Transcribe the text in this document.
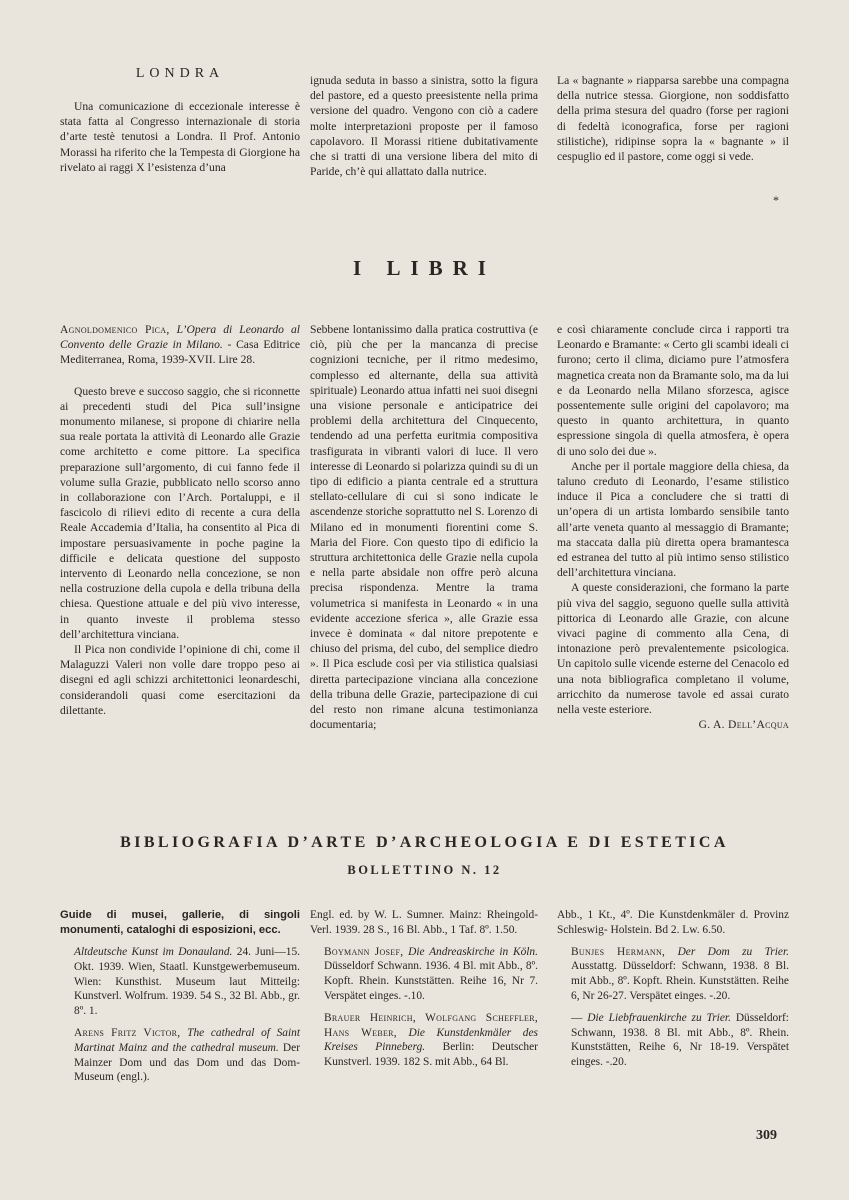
LONDRA

Una comunicazione di eccezionale interesse è stata fatta al Congresso internazionale di storia d’arte testè tenutosi a Londra. Il Prof. Antonio Morassi ha riferito che la Tempesta di Giorgione ha rivelato ai raggi X l’esistenza d’una

ignuda seduta in basso a sinistra, sotto la figura del pastore, ed a questo preesistente nella prima versione del quadro. Vengono con ciò a cadere molte interpretazioni proposte per il famoso capolavoro. Il Morassi ritiene dubitativamente che si tratti di una versione libera del mito di Paride, ch’è qui allattato dalla nutrice.

La « bagnante » riapparsa sarebbe una compagna della nutrice stessa. Giorgione, non soddisfatto della prima stesura del quadro (forse per ragioni di fedeltà iconografica, forse per ragioni stilistiche), ridipinse sopra la « bagnante » il cespuglio ed il pastore, come oggi si vede.

*
I LIBRI

Agnoldomenico Pica, L’Opera di Leonardo al Convento delle Grazie in Milano. - Casa Editrice Mediterranea, Roma, 1939-XVII. Lire 28.

Questo breve e succoso saggio, che si riconnette ai precedenti studi del Pica sull’insigne monumento milanese, si propone di chiarire nella sua reale portata la attività di Leonardo alle Grazie come architetto e come pittore. La specifica preparazione sull’argomento, di cui fanno fede il volume sulla Grazie, pubblicato nello scorso anno in collaborazione con l’Arch. Portaluppi, e il fascicolo di rilievi edito di recente a cura della Reale Accademia d’Italia, ha consentito al Pica di impostare persuasivamente in poche pagine la difficile e delicata questione del supposto intervento di Leonardo nella concezione, se non nella costruzione della cupola e della tribuna della chiesa. Questione attuale e del più vivo interesse, in quanto investe il problema stesso dell’architettura vinciana.

Il Pica non condivide l’opinione di chi, come il Malaguzzi Valeri non volle dare troppo peso ai disegni ed agli schizzi architettonici leonardeschi, considerandoli quasi come esercitazioni da dilettante.

Sebbene lontanissimo dalla pratica costruttiva (e ciò, più che per la mancanza di precise cognizioni tecniche, per il ritmo medesimo, complesso ed alternante, della sua attività spirituale) Leonardo attua infatti nei suoi disegni una visione personale e anticipatrice dei problemi della architettura del Cinquecento, tendendo ad una perfetta euritmia compositiva trasfigurata in vibranti valori di luce. Il vero interesse di Leonardo si polarizza quindi su di un tipo di edificio a pianta centrale ed a struttura stellato-cellulare di cui si sono indicate le ascendenze storiche soprattutto nel S. Lorenzo di Milano ed in monumenti fiorentini come S. Maria del Fiore. Con questo tipo di edificio la struttura architettonica delle Grazie nella cupola e nella parte absidale non offre però alcuna precisa rispondenza. Mentre la trama volumetrica si manifesta in Leonardo « in una evidente accezione sferica », alle Grazie essa invece è dominata « dal nitore prepotente e chiuso del prisma, del cubo, del semplice diedro ». Il Pica esclude così per via stilistica qualsiasi diretta partecipazione vinciana alla concezione della tribuna delle Grazie, partecipazione di cui del resto non rimane alcuna testimonianza documentaria;

e così chiaramente conclude circa i rapporti tra Leonardo e Bramante: « Certo gli scambi ideali ci furono; certo il clima, diciamo pure l’atmosfera magnetica creata non da Bramante solo, ma da lui e da Leonardo nella Milano sforzesca, agisce possentemente sulle origini del capolavoro; ma questo in quanto architettura, in quanto espressione singola di quella atmosfera, è opera di uno solo dei due ».

Anche per il portale maggiore della chiesa, da taluno creduto di Leonardo, l’esame stilistico induce il Pica a concludere che si tratti di un’opera di un artista lombardo sensibile tanto all’arte veneta quanto al messaggio di Bramante; ma staccata dalla più diretta opera bramantesca ed estranea del tutto al più intimo senso stilistico dell’architettura vinciana.

A queste considerazioni, che formano la parte più viva del saggio, seguono quelle sulla attività pittorica di Leonardo alle Grazie, con alcune vivaci pagine di commento alla Cena, di intonazione però prevalentemente psicologica. Un capitolo sulle vicende esterne del Cenacolo ed una nota bibliografica completano il volume, arricchito da numerose tavole ed assai curato nella veste esteriore.

G. A. Dell’Acqua

BIBLIOGRAFIA D’ARTE D’ARCHEOLOGIA E DI ESTETICA
BOLLETTINO N. 12

Guide di musei, gallerie, di singoli monumenti, cataloghi di esposizioni, ecc.

Altdeutsche Kunst im Donauland. 24. Juni—15. Okt. 1939. Wien, Staatl. Kunstgewerbemuseum. Wien: Kunsthist. Museum laut Mitteilg: Kunstverl. Wolfrum. 1939. 54 S., 32 Bl. Abb., gr. 8º. 1.

Arens Fritz Victor, The cathedral of Saint Martinat Mainz and the cathedral museum. Der Mainzer Dom und das Dom und das Dom- Museum (engl.).

Engl. ed. by W. L. Sumner. Mainz: Rheingold-Verl. 1939. 28 S., 16 Bl. Abb., 1 Taf. 8º. 1.50.

Boymann Josef, Die Andreaskirche in Köln. Düsseldorf Schwann. 1936. 4 Bl. mit Abb., 8º. Kopft. Rhein. Kunststätten. Reihe 16, Nr 7. Verspätet einges. -.10.

Brauer Heinrich, Wolfgang Scheffler, Hans Weber, Die Kunstdenkmäler des Kreises Pinneberg. Berlin: Deutscher Kunstverl. 1939. 182 S. mit Abb., 64 Bl.

Abb., 1 Kt., 4º. Die Kunstdenkmäler d. Provinz Schleswig- Holstein. Bd 2. Lw. 6.50.

Bunjes Hermann, Der Dom zu Trier. Ausstattg. Düsseldorf: Schwann, 1938. 8 Bl. mit Abb., 8º. Kopft. Rhein. Kunststätten. Reihe 6, Nr 26-27. Verspätet einges. -.20.

— Die Liebfrauenkirche zu Trier. Düsseldorf: Schwann, 1938. 8 Bl. mit Abb., 8º. Rhein. Kunststätten, Reihe 6, Nr 18-19. Verspätet einges. -.20.

309
